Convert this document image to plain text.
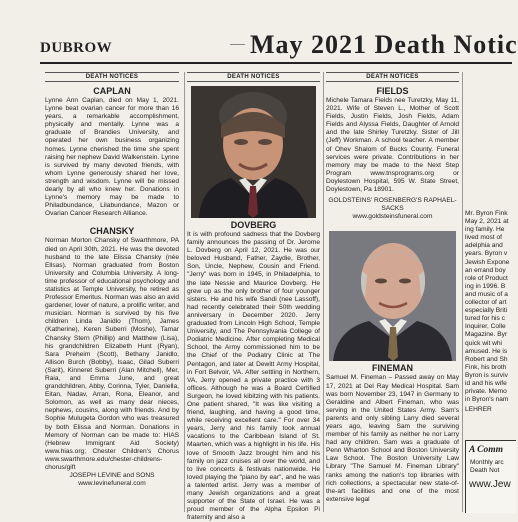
DUBROW	May 2021 Death Notic
DEATH NOTICES
CAPLAN

Lynne Ann Caplan, died on May 1, 2021. Lynne beat ovarian cancer for more than 16 years, a remarkable accomplishment, physically and mentally. Lynne was a graduate of Brandies University, and operated her own business organizing homes. Lynne cherished the time she spent raising her nephew David Walkenstein. Lynne is survived by many devoted friends, with whom Lynne generously shared her love, strength and wisdom. Lynne will be missed dearly by all who knew her. Donations in Lynne's memory may be made to Philadbundance, Lilabundance, Mazon or Ovarian Cancer Research Alliance.

CHANSKY

Norman Morton Chansky of Swarthmore, PA died on April 30th, 2021. He was the devoted husband to the late Elissa Chansky (née Ellsas). Norman graduated from Boston University and Columbia University. A long-time professor of educational psychology and statistics at Temple University, he retired as Professor Emeritus. Norman was also an avid gardener, lover of nature, a prolific writer, and musician. Norman is survived by his five children Linda Janidlo (Thom), James (Katherine), Keren Suberri (Moshe), Tamar Chansky Stern (Phillip) and Matthew (Lisa), his grandchildren Elizabeth Hunt (Ryan), Sara Preheim (Scott), Bethany Janidlo, Allison Burch (Bobby), Isaac, Gilad Suberri (Sarit), Kinneret Suberri (Alan Mitchell), Mer, Raia, and Emma June, and great grandchildren, Abby, Corinna, Tyler, Daniella, Eitan, Nadav, Arran, Rona, Eleanor, and Solomon, as well as many dear nieces, nephews, cousins, along with friends. And by Sophie Mulugeta Gordon who was treasured by both Elissa and Norman. Donations in Memory of Norman can be made to: HIAS (Hebrew Immigrant Aid Society) www.hias.org; Chester Children's Chorus www.swarthmore.edu/chester-childrens-chorus/gift

JOSEPH LEVINE and SONS

www.levinefuneral.com

DEATH NOTICES
DOVBERG

It is with profound sadness that the Dovberg family announces the passing of Dr. Jerome L. Dovberg on April 12, 2021. He was our beloved Husband, Father, Zaydie, Brother, Son, Uncle, Nephew, Cousin and Friend. "Jerry" was born in 1945, in Philadelphia, to the late Nessie and Maurice Dovberg. He grew up as the only brother of four younger sisters. He and his wife Sandi (nee Lassoff), had recently celebrated their 50th wedding anniversary in December 2020. Jerry graduated from Lincoln High School, Temple University, and The Pennsylvania College of Podiatric Medicine. After completing Medical School, the Army commissioned him to be the Chief of the Podiatry Clinic at The Pentagon, and later at Dewitt Army Hospital, in Fort Belvoir, VA. After settling in Northern, VA, Jerry opened a private practice with 3 offices. Although he was a Board Certified Surgeon, he loved kibitzing with his patients. One patient shared, "It was like visiting a friend, laughing, and having a good time, while receiving excellent care." For over 34 years, Jerry and his family took annual vacations to the Caribbean Island of St. Maarten, which was a highlight in his life. His love of Smooth Jazz brought him and his family on jazz cruises all over the world, and to live concerts & festivals nationwide. He loved playing the "piano by ear", and he was a talented artist. Jerry was a member of many Jewish organizations and a great supporter of the State of Israel. He was a proud member of the Alpha Epsilon Pi fraternity and also a

DEATH NOTICES
FIELDS

Michele Tamara Fields nee Turetzky, May 11, 2021. Wife of Steven L., Mother of Scott Fields, Justin Fields, Josh Fields, Adam Fields and Alyssa Fields, Daughter of Arnold and the late Shirley Turetzky. Sister of Jill (Jeff) Workman. A school teacher. A member of Ohev Shalom of Bucks County. Funeral services were private. Contributions in her memory may be made to the Next Step Program www.tnsprograms.org or Doylestown Hospital, 595 W. State Street, Doylestown, Pa 18901.

GOLDSTEINS' ROSENBERG'S RAPHAEL-SACKS

www.goldsteinsfuneral.com

FINEMAN

Samuel M. Fineman – Passed away on May 17, 2021 at Del Ray Medical Hospital. Sam was born November 23, 1947 in Germany to Geraldine and Albert Fineman, who was serving in the United States Army. Sam's parents and only sibling Larry died several years ago, leaving Sam the surviving member of his family as neither he nor Larry had any children. Sam was a graduate of Penn Wharton School and Boston University Law School. The Boston University Law Library "The Samuel M. Fineman Library" ranks among the nation's top libraries with rich collections, a spectacular new state-of-the-art facilities and one of the most extensive legal

Mr. Byron Fink

May 2, 2021 at

ing family. He

lived most of

adelphia and

years. Byron v

Jewish Expone

an errand boy

role of Product

ing in 1996. B

and music of a

collector of art

especially Briti

tured for his c

Inquirer, Colle

Magazine. Byr

quick wit whi

amused. He is

Robert and Sh

Fink, his broth

Byron is surviv

id and his wife

private. Memo

in Byron's nam

LEHRER

A Comm
Monthly arc
Death Not
www.Jew
